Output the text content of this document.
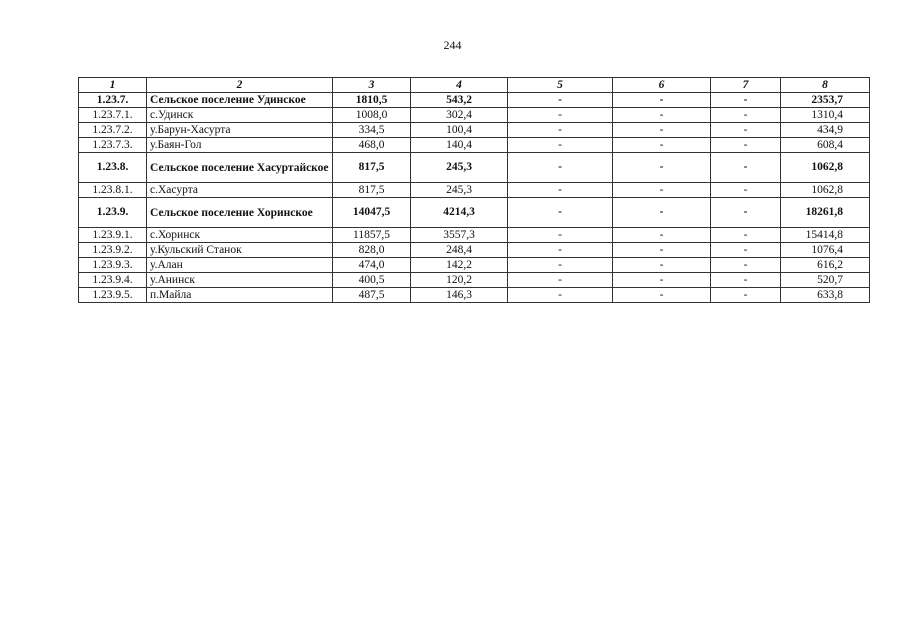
244
1	2	3	4	5	6	7	8
1.23.7.	Сельское поселение Удинское	1810,5	543,2	-	-	-	2353,7
1.23.7.1.	с.Удинск	1008,0	302,4	-	-	-	1310,4
1.23.7.2.	у.Барун-Хасурта	334,5	100,4	-	-	-	434,9
1.23.7.3.	у.Баян-Гол	468,0	140,4	-	-	-	608,4
1.23.8.	Сельское поселение Хасуртайское	817,5	245,3	-	-	-	1062,8
1.23.8.1.	с.Хасурта	817,5	245,3	-	-	-	1062,8
1.23.9.	Сельское поселение Хоринское	14047,5	4214,3	-	-	-	18261,8
1.23.9.1.	с.Хоринск	11857,5	3557,3	-	-	-	15414,8
1.23.9.2.	у.Кульский Станок	828,0	248,4	-	-	-	1076,4
1.23.9.3.	у.Алан	474,0	142,2	-	-	-	616,2
1.23.9.4.	у.Анинск	400,5	120,2	-	-	-	520,7
1.23.9.5.	п.Майла	487,5	146,3	-	-	-	633,8
